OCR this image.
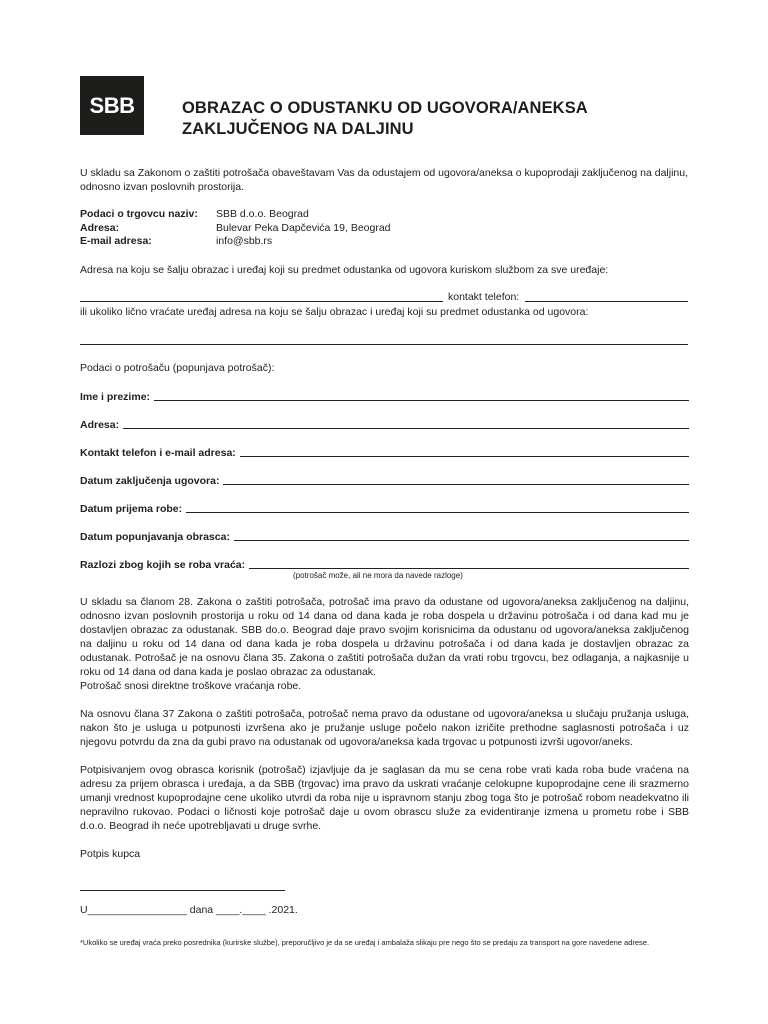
SBB	OBRAZAC O ODUSTANKU OD UGOVORA/ANEKSA
ZAKLJUČENOG NA DALJINU
U skladu sa Zakonom o zaštiti potrošača obaveštavam Vas da odustajem od ugovora/aneksa o kupoprodaji zaključenog na daljinu, odnosno izvan poslovnih prostorija.
Podaci o trgovcu naziv:	SBB d.o.o. Beograd
Adresa:	Bulevar Peka Dapčevića 19, Beograd
E-mail adresa:	info@sbb.rs
Adresa na koju se šalju obrazac i uređaj koji su predmet odustanka od ugovora kuriskom službom za sve uređaje:
kontakt telefon:
ili ukoliko lično vraćate uređaj adresa na koju se šalju obrazac i uređaj koji su predmet odustanka od ugovora:
Podaci o potrošaču (popunjava potrošač):
Ime i prezime:
Adresa:
Kontakt telefon i e-mail adresa:
Datum zaključenja ugovora:
Datum prijema robe:
Datum popunjavanja obrasca:
Razlozi zbog kojih se roba vraća:
(potrošač može, ali ne mora da navede razloge)
U skladu sa članom 28. Zakona o zaštiti potrošača, potrošač ima pravo da odustane od ugovora/aneksa zaključenog na daljinu, odnosno izvan poslovnih prostorija u roku od 14 dana od dana kada je roba dospela u državinu potrošača i od dana kad mu je dostavljen obrazac za odustanak. SBB do.o. Beograd daje pravo svojim korisnicima da odustanu od ugovora/aneksa zaključenog na daljinu u roku od 14 dana od dana kada je roba dospela u državinu potrošača i od dana kada je dostavljen obrazac za odustanak. Potrošač je na osnovu člana 35. Zakona o zaštiti potrošača dužan da vrati robu trgovcu, bez odlaganja, a najkasnije u roku od 14 dana od dana kada je poslao obrazac za odustanak.
Potrošač snosi direktne troškove vraćanja robe.
Na osnovu člana 37 Zakona o zaštiti potrošača, potrošač nema pravo da odustane od ugovora/aneksa u slučaju pružanja usluga, nakon što je usluga u potpunosti izvršena ako je pružanje usluge počelo nakon izričite prethodne saglasnosti potrošača i uz njegovu potvrdu da zna da gubi pravo na odustanak od ugovora/aneksa kada trgovac u potpunosti izvrši ugovor/aneks.
Potpisivanjem ovog obrasca korisnik (potrošač) izjavljuje da je saglasan da mu se cena robe vrati kada roba bude vraćena na adresu za prijem obrasca i uređaja, a da SBB (trgovac) ima pravo da uskrati vraćanje celokupne kupoprodajne cene ili srazmerno umanji vrednost kupoprodajne cene ukoliko utvrdi da roba nije u ispravnom stanju zbog toga što je potrošač robom neadekvatno ili nepravilno rukovao. Podaci o ličnosti koje potrošač daje u ovom obrascu služe za evidentiranje izmena u prometu robe i SBB d.o.o. Beograd ih neće upotrebljavati u druge svrhe.
Potpis kupca
U_________________ dana ____.____ .2021.
*Ukoliko se uređaj vraća preko posrednika (kurirske službe), preporučljivo je da se uređaj i ambalaža slikaju pre nego što se predaju za transport na gore navedene adrese.
